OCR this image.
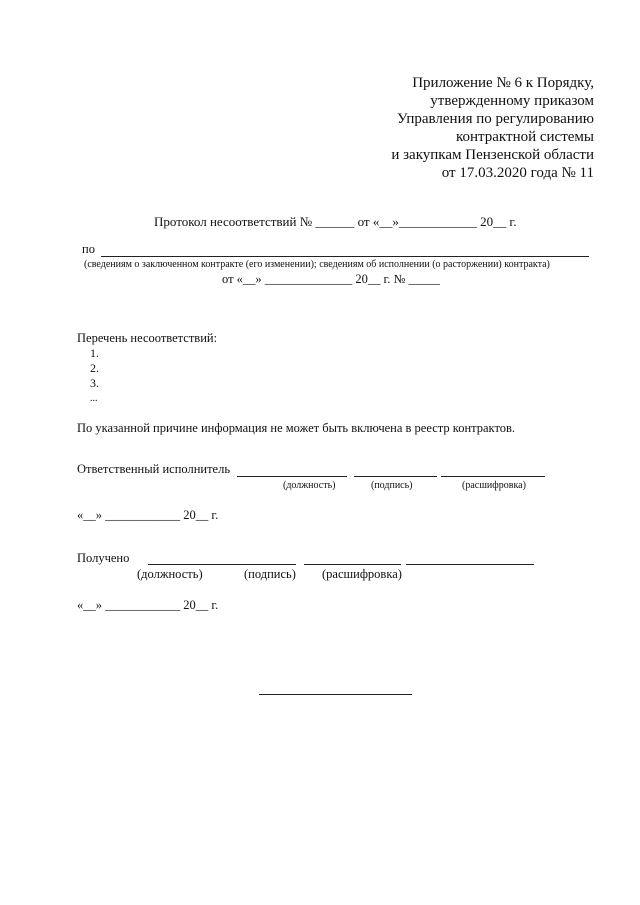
Приложение № 6 к Порядку,
утвержденному приказом
Управления по регулированию
контрактной системы
и закупкам Пензенской области
от 17.03.2020 года № 11
Протокол несоответствий № ______ от «__»____________ 20__ г.
по
(сведениям о заключенном контракте (его изменении); сведениям об исполнении (о расторжении) контракта)
от «__» ______________ 20__ г. № _____
Перечень несоответствий:
1.
2.
3.
...
По указанной причине информация не может быть включена в реестр контрактов.
Ответственный исполнитель
(должность)	(подпись)	(расшифровка)
«__» ____________ 20__ г.
Получено
(должность)	(подпись) (расшифровка)
«__» ____________ 20__ г.
